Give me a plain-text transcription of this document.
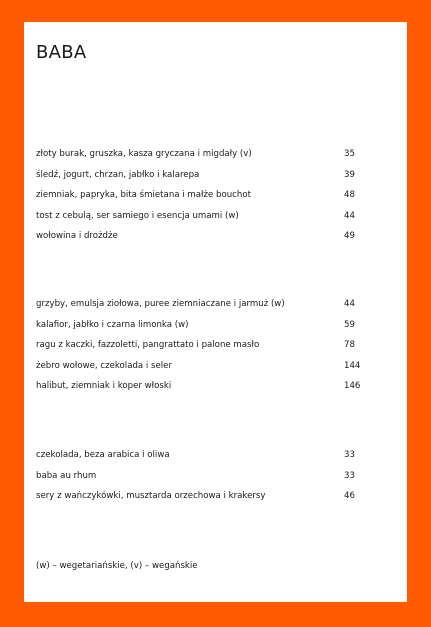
BABA
złoty burak, gruszka, kasza gryczana i migdały (v)	35
śledź, jogurt, chrzan, jabłko i kalarepa	39
ziemniak, papryka, bita śmietana i małże bouchot	48
tost z cebulą, ser samiego i esencja umami (w)	44
wołowina i drożdże	49
grzyby, emulsja ziołowa, puree ziemniaczane i jarmuż (w)	44
kalafior, jabłko i czarna limonka (w)	59
ragu z kaczki, fazzoletti, pangrattato i palone masło	78
żebro wołowe, czekolada i seler	144
halibut, ziemniak i koper włoski	146
czekolada, beza arabica i oliwa	33
baba au rhum	33
sery z wańczykówki, musztarda orzechowa i krakersy	46

(w) – wegetariańskie, (v) – wegańskie
